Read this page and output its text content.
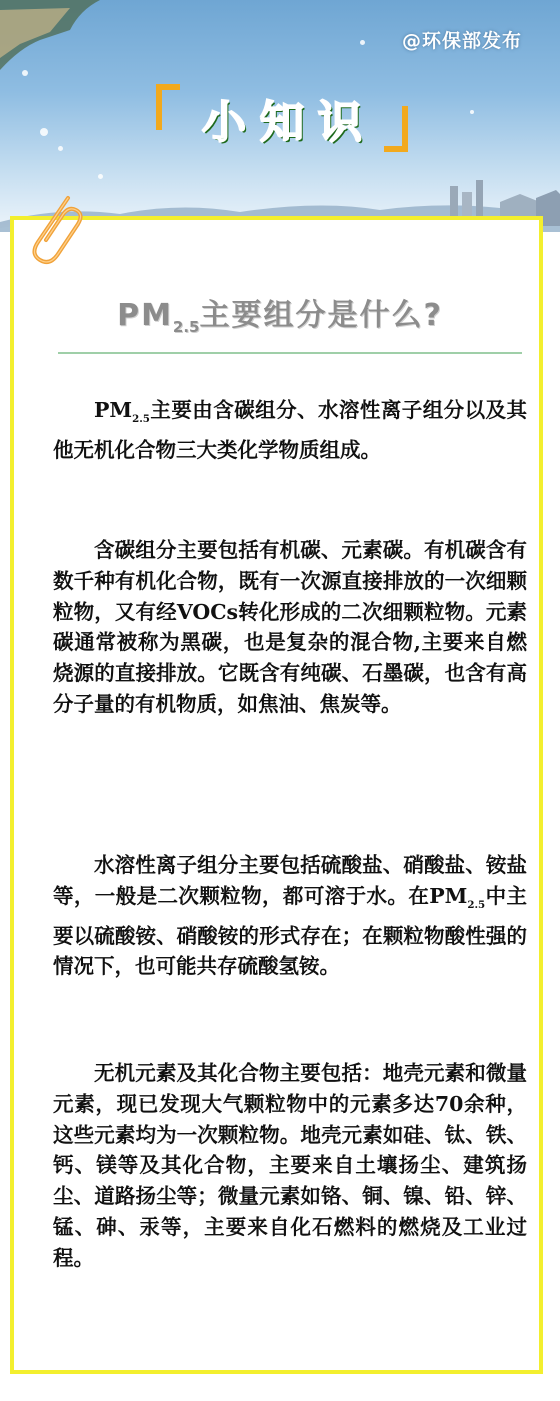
@环保部发布
小知识
$PM_{2.5}$主要组分是什么?

$PM_{2.5}$主要由含碳组分、水溶性离子组分以及其他无机化合物三大类化学物质组成。

含碳组分主要包括有机碳、元素碳。有机碳含有数千种有机化合物，既有一次源直接排放的一次细颗粒物，又有经VOCs转化形成的二次细颗粒物。元素碳通常被称为黑碳，也是复杂的混合物,主要来自燃烧源的直接排放。它既含有纯碳、石墨碳，也含有高分子量的有机物质，如焦油、焦炭等。

水溶性离子组分主要包括硫酸盐、硝酸盐、铵盐等，一般是二次颗粒物，都可溶于水。在$PM_{2.5}$中主要以硫酸铵、硝酸铵的形式存在；在颗粒物酸性强的情况下，也可能共存硫酸氢铵。

无机元素及其化合物主要包括：地壳元素和微量元素，现已发现大气颗粒物中的元素多达70余种，这些元素均为一次颗粒物。地壳元素如硅、钛、铁、钙、镁等及其化合物，主要来自土壤扬尘、建筑扬尘、道路扬尘等；微量元素如铬、铜、镍、铅、锌、锰、砷、汞等，主要来自化石燃料的燃烧及工业过程。
